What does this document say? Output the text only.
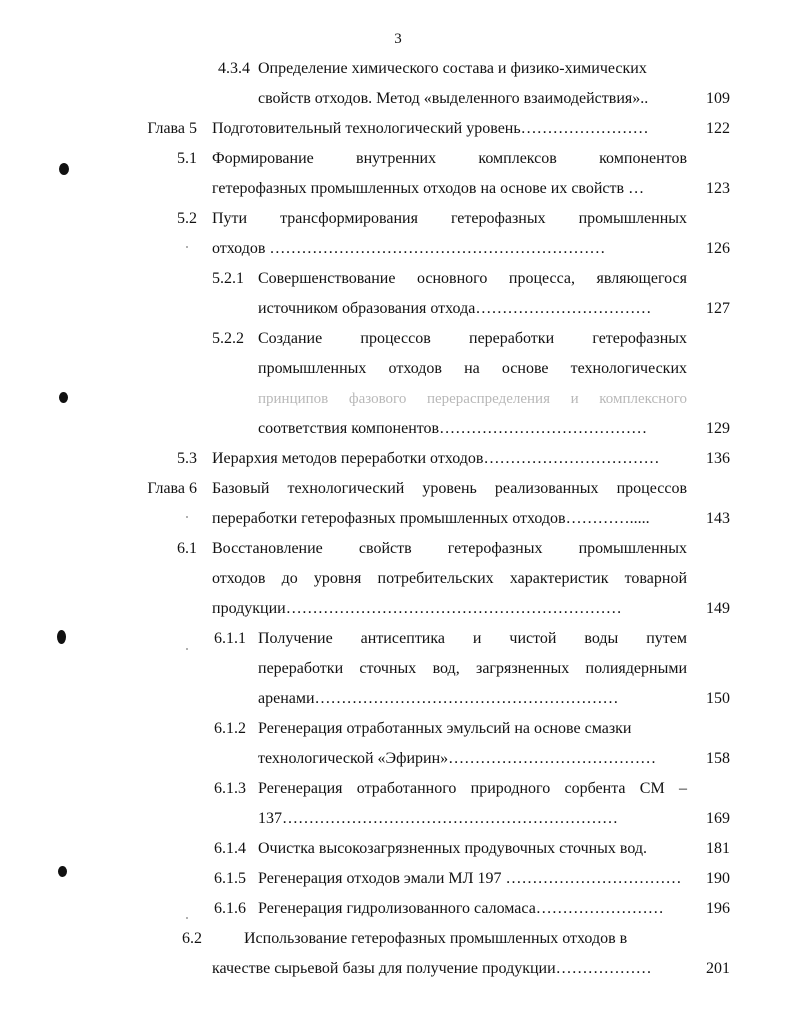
3
4.3.4 Определение химического состава и физико-химических
свойств отходов. Метод «выделенного взаимодействия»..	109
Глава 5 Подготовительный технологический уровень……………………	122
5.1 Формирование внутренних комплексов компонентов
гетерофазных промышленных отходов на основе их свойств …	123
5.2 Пути трансформирования гетерофазных промышленных
отходов ………………………………………………………	126
5.2.1 Совершенствование основного процесса, являющегося
источником образования отхода……………………………	127
5.2.2 Создание процессов переработки гетерофазных
промышленных отходов на основе технологических
принципов фазового перераспределения и комплексного
соответствия компонентов…………………………………	129
5.3 Иерархия методов переработки отходов……………………………	136
Глава 6 Базовый технологический уровень реализованных процессов
переработки гетерофазных промышленных отходов………….....	143
6.1 Восстановление свойств гетерофазных промышленных
отходов до уровня потребительских характеристик товарной
продукции………………………………………………………	149
6.1.1 Получение антисептика и чистой воды путем
переработки сточных вод, загрязненных полиядерными
аренами…………………………………………………	150
6.1.2 Регенерация отработанных эмульсий на основе смазки
технологической «Эфирин»…………………………………	158
6.1.3 Регенерация отработанного природного сорбента СМ –
137………………………………………………………	169
6.1.4 Очистка высокозагрязненных продувочных сточных вод.	181
6.1.5 Регенерация отходов эмали МЛ 197 ……………………………	190
6.1.6 Регенерация гидролизованного саломаса……………………	196
6.2	Использование гетерофазных промышленных отходов в
качестве сырьевой базы для получение продукции………………	201
